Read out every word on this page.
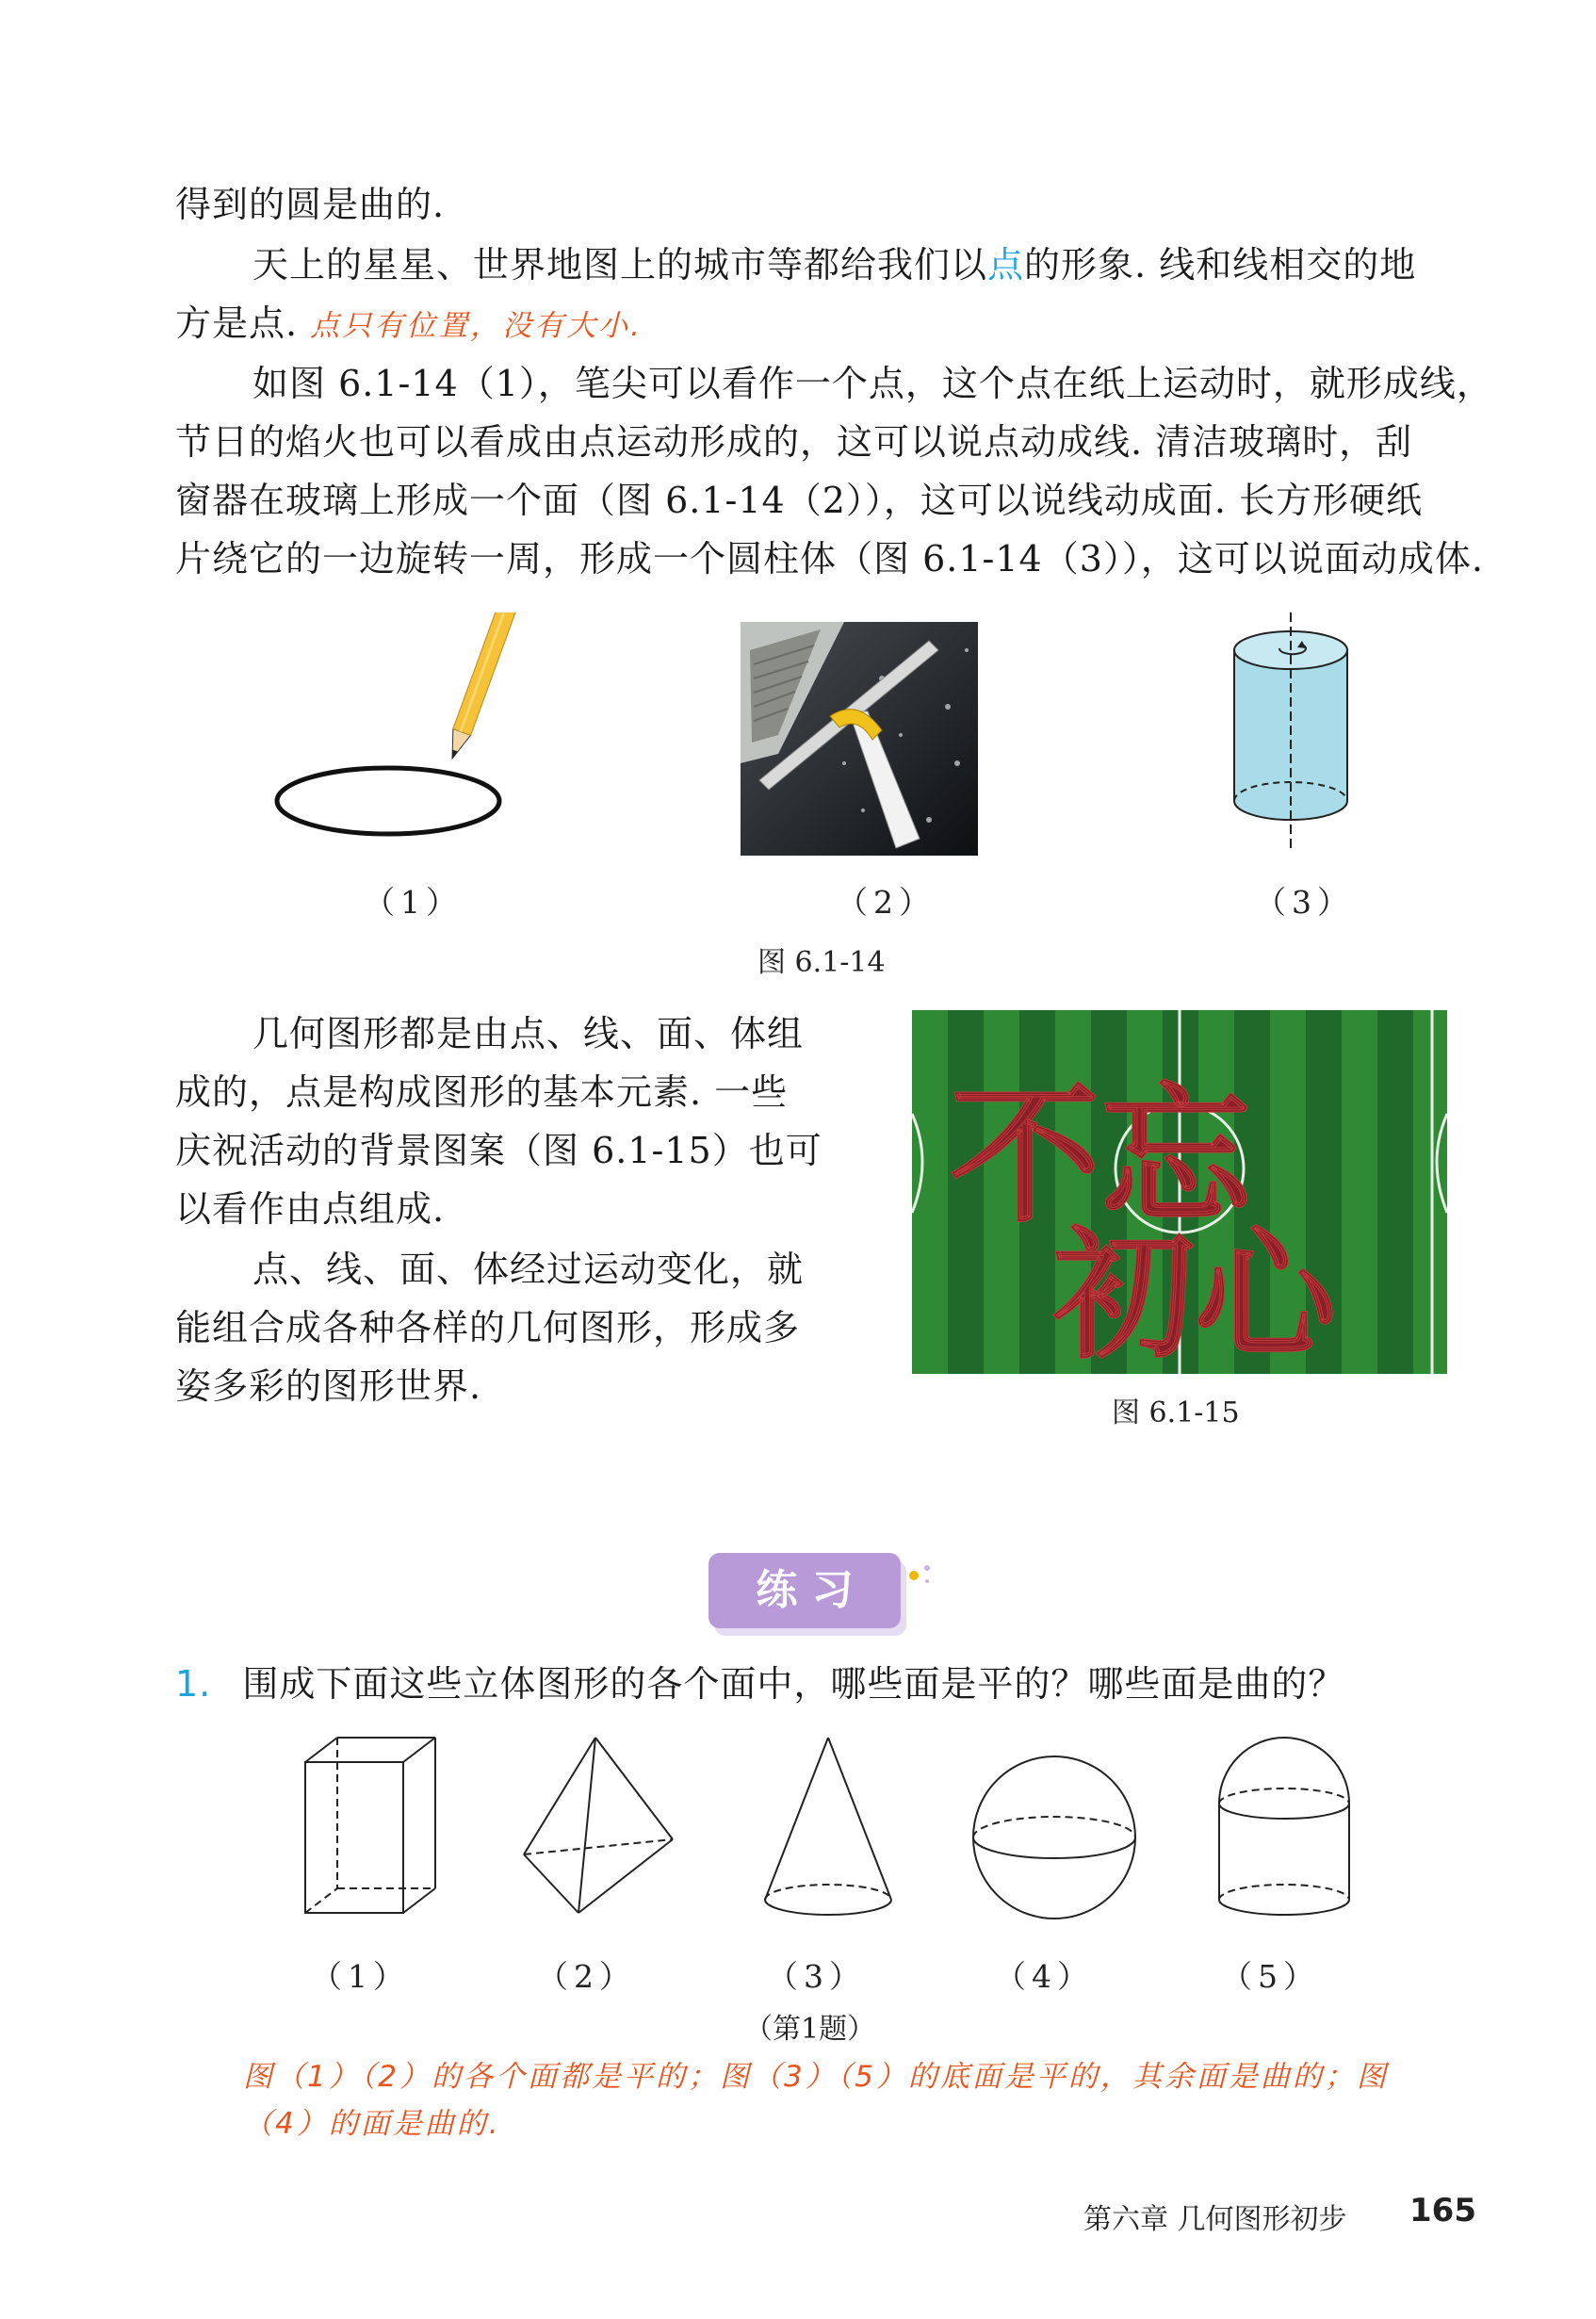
得到的圆是曲的.
天上的星星、世界地图上的城市等都给我们以点的形象. 线和线相交的地
方是点. 点只有位置，没有大小.
如图 6.1-14（1），笔尖可以看作一个点，这个点在纸上运动时，就形成线，
节日的焰火也可以看成由点运动形成的，这可以说点动成线. 清洁玻璃时，刮
窗器在玻璃上形成一个面（图 6.1-14（2）），这可以说线动成面. 长方形硬纸
片绕它的一边旋转一周，形成一个圆柱体（图 6.1-14（3）），这可以说面动成体.
（1）	（2）	（3）
图 6.1-14
几何图形都是由点、线、面、体组
成的，点是构成图形的基本元素. 一些
庆祝活动的背景图案（图 6.1-15）也可
以看作由点组成.
点、线、面、体经过运动变化，就
能组合成各种各样的几何图形，形成多
姿多彩的图形世界.
不忘
初心
图 6.1-15
练 习
1. 围成下面这些立体图形的各个面中，哪些面是平的？哪些面是曲的？
（1）	（2）	（3）	（4）	（5）
（第1题）
图（1）（2）的各个面都是平的；图（3）（5）的底面是平的，其余面是曲的；图
（4）的面是曲的.
第六章 几何图形初步 165
